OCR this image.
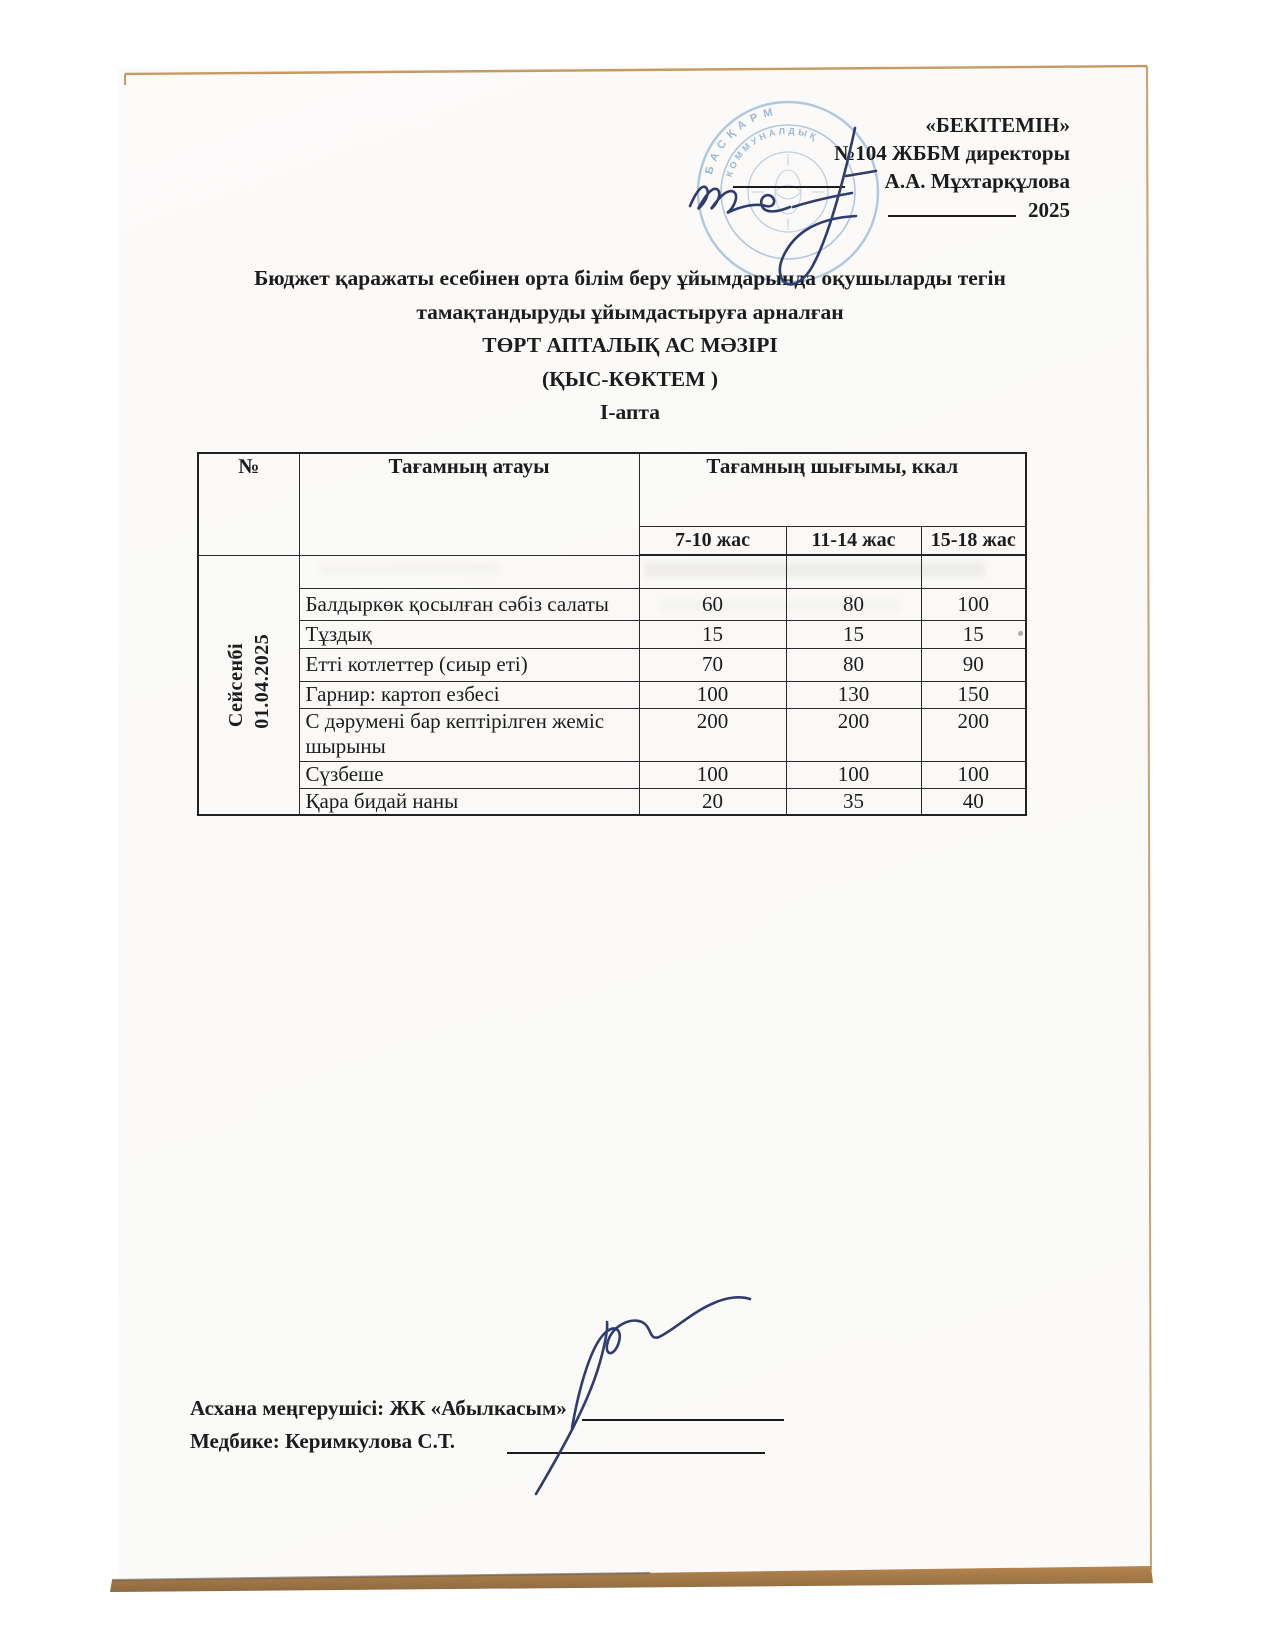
БАСҚАРМ
КОММУНАЛДЫҚ	«БЕКІТЕМІН»
№104 ЖББМ директоры
А.А. Мұхтарқұлова
2025
Бюджет қаражаты есебінен орта білім беру ұйымдарында оқушыларды тегін
тамақтандыруды ұйымдастыруға арналған
ТӨРТ АПТАЛЫҚ АС МӘЗІРІ
(ҚЫС-КӨКТЕМ )
І-апта
№	Тағамның атауы	Тағамның шығымы, ккал		
		7-10 жас	11-14 жас	15-18 жас

Сейсенбі 01.04.2025				

	Балдыркөк қосылған сәбіз салаты	60	80	100
	Тұздық	15	15	15
	Етті котлеттер (сиыр еті)	70	80	90
	Гарнир: картоп езбесі	100	130	150
	С дәрумені бар кептірілген жеміс шырыны	200	200	200
	Сүзбеше	100	100	100
	Қара бидай наны	20	35	40
Асхана меңгерушісі: ЖК «Абылкасым»
Медбике: Керимкулова С.Т.
